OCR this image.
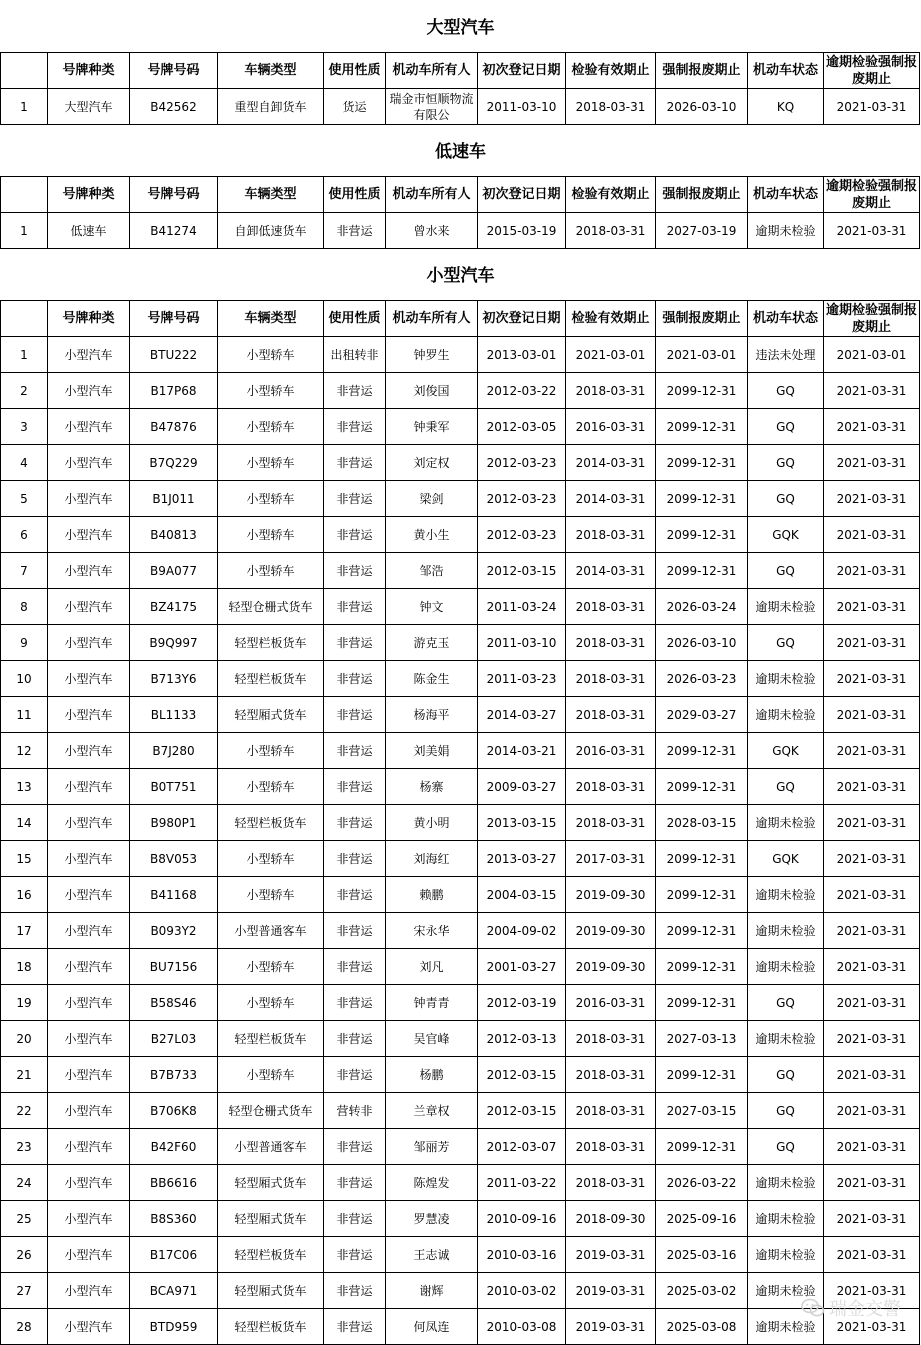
大型汽车
	号牌种类	号牌号码	车辆类型	使用性质	机动车所有人	初次登记日期	检验有效期止	强制报废期止	机动车状态	逾期检验强制报废期止
1	大型汽车	B42562	重型自卸货车	货运	瑞金市恒顺物流有限公	2011-03-10	2018-03-31	2026-03-10	KQ	2021-03-31
低速车
	号牌种类	号牌号码	车辆类型	使用性质	机动车所有人	初次登记日期	检验有效期止	强制报废期止	机动车状态	逾期检验强制报废期止
1	低速车	B41274	自卸低速货车	非营运	曾水来	2015-03-19	2018-03-31	2027-03-19	逾期未检验	2021-03-31
小型汽车
	号牌种类	号牌号码	车辆类型	使用性质	机动车所有人	初次登记日期	检验有效期止	强制报废期止	机动车状态	逾期检验强制报废期止
1	小型汽车	BTU222	小型轿车	出租转非	钟罗生	2013-03-01	2021-03-01	2021-03-01	违法未处理	2021-03-01
2	小型汽车	B17P68	小型轿车	非营运	刘俊国	2012-03-22	2018-03-31	2099-12-31	GQ	2021-03-31
3	小型汽车	B47876	小型轿车	非营运	钟秉军	2012-03-05	2016-03-31	2099-12-31	GQ	2021-03-31
4	小型汽车	B7Q229	小型轿车	非营运	刘定权	2012-03-23	2014-03-31	2099-12-31	GQ	2021-03-31
5	小型汽车	B1J011	小型轿车	非营运	梁剑	2012-03-23	2014-03-31	2099-12-31	GQ	2021-03-31
6	小型汽车	B40813	小型轿车	非营运	黄小生	2012-03-23	2018-03-31	2099-12-31	GQK	2021-03-31
7	小型汽车	B9A077	小型轿车	非营运	邹浩	2012-03-15	2014-03-31	2099-12-31	GQ	2021-03-31
8	小型汽车	BZ4175	轻型仓栅式货车	非营运	钟文	2011-03-24	2018-03-31	2026-03-24	逾期未检验	2021-03-31
9	小型汽车	B9Q997	轻型栏板货车	非营运	游克玉	2011-03-10	2018-03-31	2026-03-10	GQ	2021-03-31
10	小型汽车	B713Y6	轻型栏板货车	非营运	陈金生	2011-03-23	2018-03-31	2026-03-23	逾期未检验	2021-03-31
11	小型汽车	BL1133	轻型厢式货车	非营运	杨海平	2014-03-27	2018-03-31	2029-03-27	逾期未检验	2021-03-31
12	小型汽车	B7J280	小型轿车	非营运	刘美娟	2014-03-21	2016-03-31	2099-12-31	GQK	2021-03-31
13	小型汽车	B0T751	小型轿车	非营运	杨寨	2009-03-27	2018-03-31	2099-12-31	GQ	2021-03-31
14	小型汽车	B980P1	轻型栏板货车	非营运	黄小明	2013-03-15	2018-03-31	2028-03-15	逾期未检验	2021-03-31
15	小型汽车	B8V053	小型轿车	非营运	刘海红	2013-03-27	2017-03-31	2099-12-31	GQK	2021-03-31
16	小型汽车	B41168	小型轿车	非营运	赖鹏	2004-03-15	2019-09-30	2099-12-31	逾期未检验	2021-03-31
17	小型汽车	B093Y2	小型普通客车	非营运	宋永华	2004-09-02	2019-09-30	2099-12-31	逾期未检验	2021-03-31
18	小型汽车	BU7156	小型轿车	非营运	刘凡	2001-03-27	2019-09-30	2099-12-31	逾期未检验	2021-03-31
19	小型汽车	B58S46	小型轿车	非营运	钟青青	2012-03-19	2016-03-31	2099-12-31	GQ	2021-03-31
20	小型汽车	B27L03	轻型栏板货车	非营运	吴官峰	2012-03-13	2018-03-31	2027-03-13	逾期未检验	2021-03-31
21	小型汽车	B7B733	小型轿车	非营运	杨鹏	2012-03-15	2018-03-31	2099-12-31	GQ	2021-03-31
22	小型汽车	B706K8	轻型仓栅式货车	营转非	兰章权	2012-03-15	2018-03-31	2027-03-15	GQ	2021-03-31
23	小型汽车	B42F60	小型普通客车	非营运	邹丽芳	2012-03-07	2018-03-31	2099-12-31	GQ	2021-03-31
24	小型汽车	BB6616	轻型厢式货车	非营运	陈煌发	2011-03-22	2018-03-31	2026-03-22	逾期未检验	2021-03-31
25	小型汽车	B8S360	轻型厢式货车	非营运	罗慧凌	2010-09-16	2018-09-30	2025-09-16	逾期未检验	2021-03-31
26	小型汽车	B17C06	轻型栏板货车	非营运	王志诚	2010-03-16	2019-03-31	2025-03-16	逾期未检验	2021-03-31
27	小型汽车	BCA971	轻型厢式货车	非营运	谢辉	2010-03-02	2019-03-31	2025-03-02	逾期未检验	2021-03-31
28	小型汽车	BTD959	轻型栏板货车	非营运	何凤连	2010-03-08	2019-03-31	2025-03-08	逾期未检验	2021-03-31
瑞金交警
